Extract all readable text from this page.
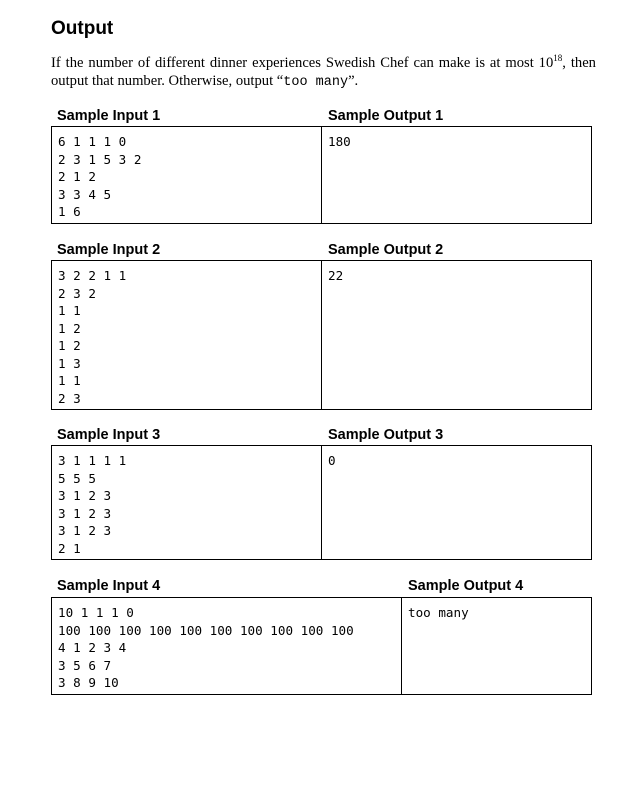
Output

If the number of different dinner experiences Swedish Chef can make is at most $10^{18}$, then output that number. Otherwise, output “too many”.

Sample Input 1	Sample Output 1
6 1 1 1 0
2 3 1 5 3 2
2 1 2
3 3 4 5
1 6

180
Sample Input 2	Sample Output 2
3 2 2 1 1
2 3 2
1 1
1 2
1 2
1 3
1 1
2 3

22
Sample Input 3	Sample Output 3
3 1 1 1 1
5 5 5
3 1 2 3
3 1 2 3
3 1 2 3
2 1

0
Sample Input 4	Sample Output 4
10 1 1 1 0
100 100 100 100 100 100 100 100 100 100
4 1 2 3 4
3 5 6 7
3 8 9 10

too many
